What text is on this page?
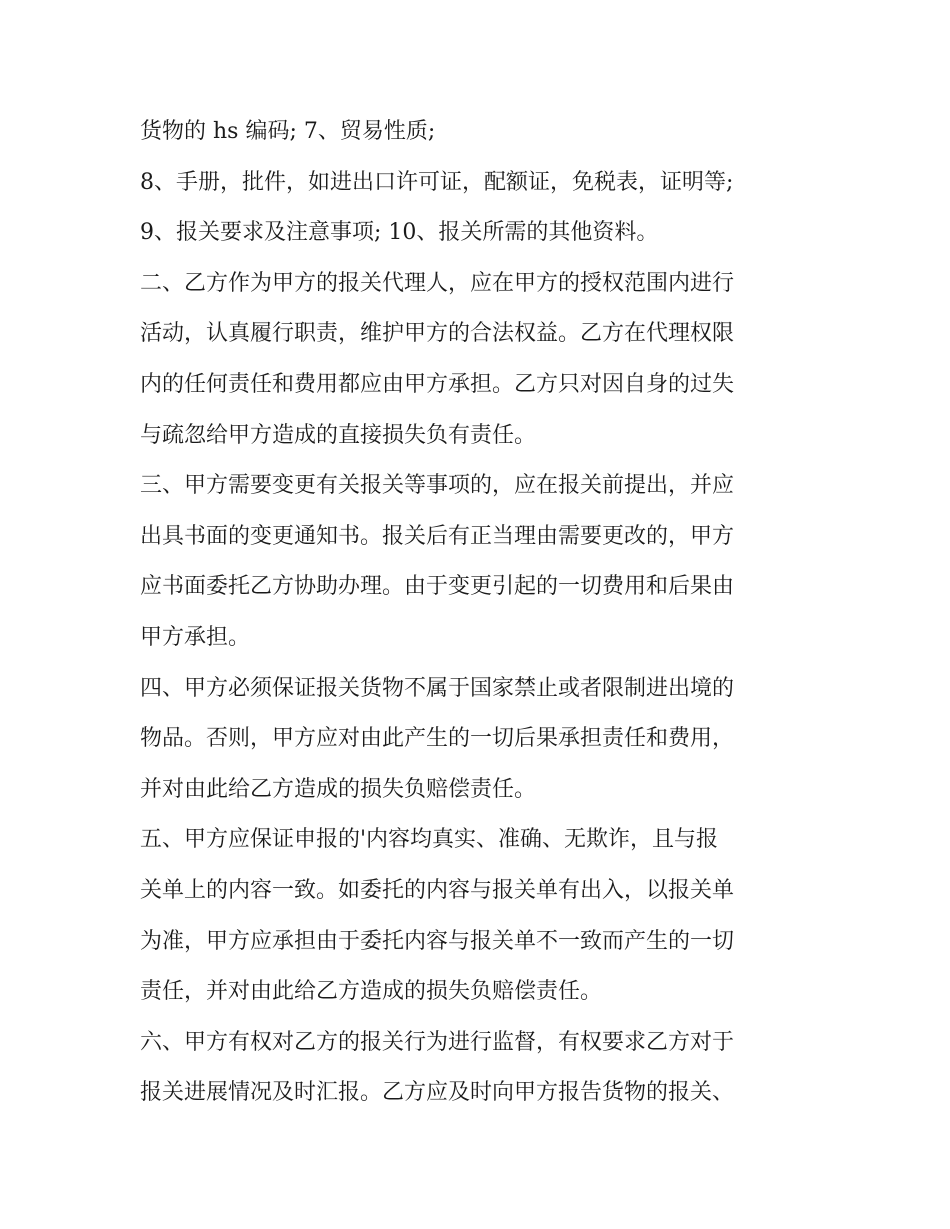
货物的 hs 编码; 7、贸易性质;
8、手册，批件，如进出口许可证，配额证，免税表，证明等;
9、报关要求及注意事项; 10、报关所需的其他资料。
二、乙方作为甲方的报关代理人，应在甲方的授权范围内进行
活动，认真履行职责，维护甲方的合法权益。乙方在代理权限
内的任何责任和费用都应由甲方承担。乙方只对因自身的过失
与疏忽给甲方造成的直接损失负有责任。
三、甲方需要变更有关报关等事项的，应在报关前提出，并应
出具书面的变更通知书。报关后有正当理由需要更改的，甲方
应书面委托乙方协助办理。由于变更引起的一切费用和后果由
甲方承担。
四、甲方必须保证报关货物不属于国家禁止或者限制进出境的
物品。否则，甲方应对由此产生的一切后果承担责任和费用，
并对由此给乙方造成的损失负赔偿责任。
五、甲方应保证申报的'内容均真实、准确、无欺诈，且与报
关单上的内容一致。如委托的内容与报关单有出入，以报关单
为准，甲方应承担由于委托内容与报关单不一致而产生的一切
责任，并对由此给乙方造成的损失负赔偿责任。
六、甲方有权对乙方的报关行为进行监督，有权要求乙方对于
报关进展情况及时汇报。乙方应及时向甲方报告货物的报关、
